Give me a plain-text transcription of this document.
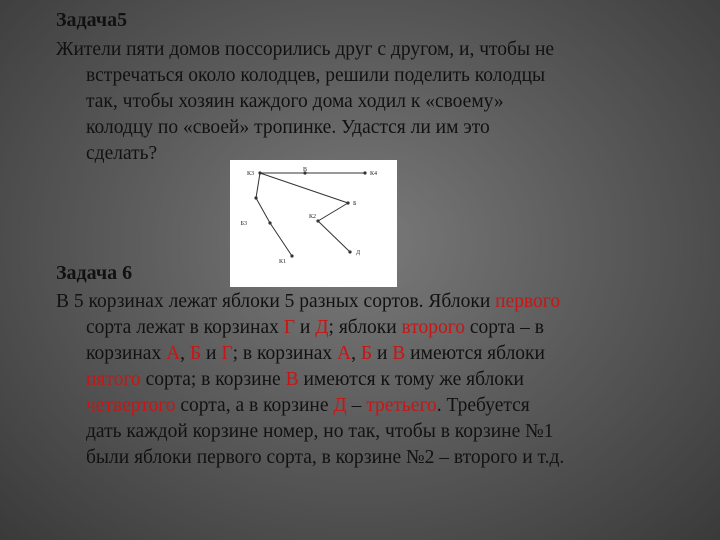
Задача5

Жители пяти домов поссорились друг с другом, и, чтобы не

встречаться около колодцев, решили поделить колодцы

так, чтобы хозяин каждого дома ходил к «своему»

колодцу по «своей» тропинке. Удастся ли им это

сделать?

К3
В
К4
Б
К2
Б3
Д
К1
Задача 6

В 5 корзинах лежат яблоки 5 разных сортов. Яблоки первого

сорта лежат в корзинах Г и Д; яблоки второго сорта – в

корзинах А, Б и Г; в корзинах А, Б и В имеются яблоки

пятого сорта; в корзине В имеются к тому же яблоки

четвертого сорта, а в корзине Д – третьего. Требуется

дать каждой корзине номер, но так, чтобы в корзине №1

были яблоки первого сорта, в корзине №2 – второго и т.д.
